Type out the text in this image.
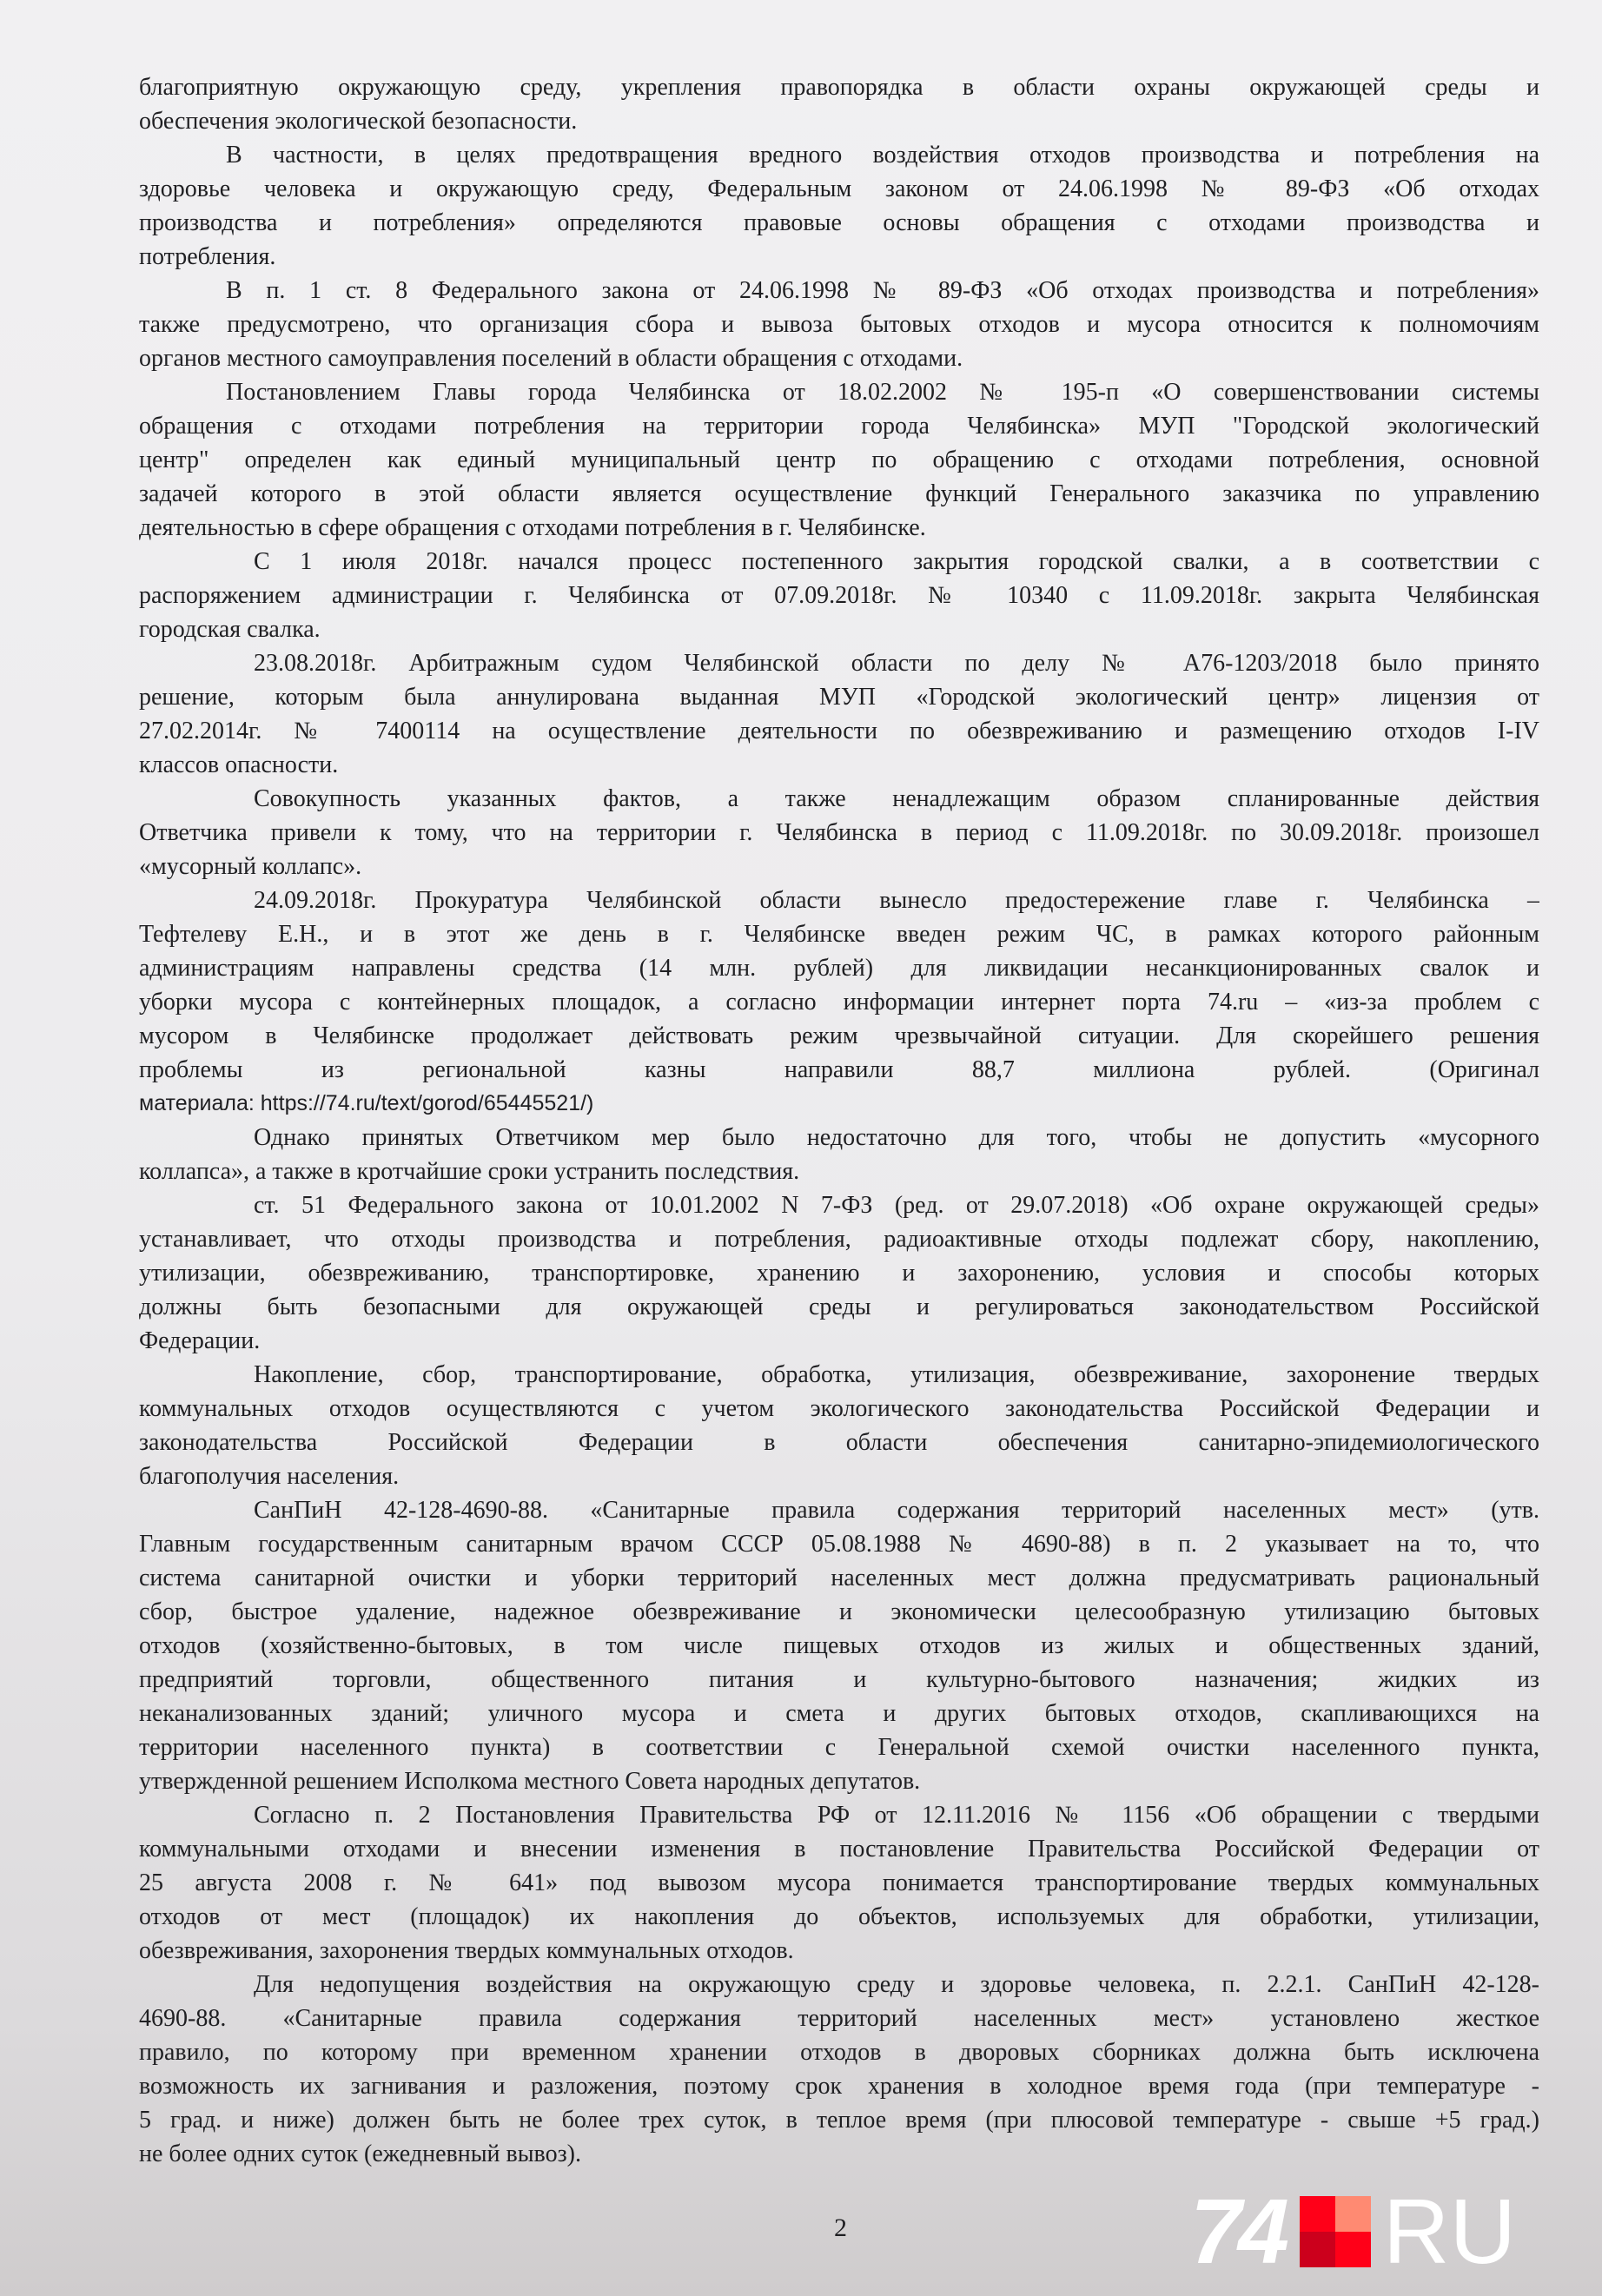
благоприятную окружающую среду, укрепления правопорядка в области охраны окружающей среды и
обеспечения экологической безопасности.
В частности, в целях предотвращения вредного воздействия отходов производства и потребления на
здоровье человека и окружающую среду, Федеральным законом от 24.06.1998 № 89-ФЗ «Об отходах
производства и потребления» определяются правовые основы обращения с отходами производства и
потребления.
В п. 1 ст. 8 Федерального закона от 24.06.1998 № 89-ФЗ «Об отходах производства и потребления»
также предусмотрено, что организация сбора и вывоза бытовых отходов и мусора относится к полномочиям
органов местного самоуправления поселений в области обращения с отходами.
Постановлением Главы города Челябинска от 18.02.2002 № 195-п «О совершенствовании системы
обращения с отходами потребления на территории города Челябинска» МУП "Городской экологический
центр" определен как единый муниципальный центр по обращению с отходами потребления, основной
задачей которого в этой области является осуществление функций Генерального заказчика по управлению
деятельностью в сфере обращения с отходами потребления в г. Челябинске.
С 1 июля 2018г. начался процесс постепенного закрытия городской свалки, а в соответствии с
распоряжением администрации г. Челябинска от 07.09.2018г. № 10340 с 11.09.2018г. закрыта Челябинская
городская свалка.
23.08.2018г. Арбитражным судом Челябинской области по делу № А76-1203/2018 было принято
решение, которым была аннулирована выданная МУП «Городской экологический центр» лицензия от
27.02.2014г. № 7400114 на осуществление деятельности по обезвреживанию и размещению отходов I-IV
классов опасности.
Совокупность указанных фактов, а также ненадлежащим образом спланированные действия
Ответчика привели к тому, что на территории г. Челябинска в период с 11.09.2018г. по 30.09.2018г. произошел
«мусорный коллапс».
24.09.2018г. Прокуратура Челябинской области вынесло предостережение главе г. Челябинска –
Тефтелеву Е.Н., и в этот же день в г. Челябинске введен режим ЧС, в рамках которого районным
администрациям направлены средства (14 млн. рублей) для ликвидации несанкционированных свалок и
уборки мусора с контейнерных площадок, а согласно информации интернет порта 74.ru – «из-за проблем с
мусором в Челябинске продолжает действовать режим чрезвычайной ситуации. Для скорейшего решения
проблемы из региональной казны направили 88,7 миллиона рублей. (Оригинал
материала: https://74.ru/text/gorod/65445521/)
Однако принятых Ответчиком мер было недостаточно для того, чтобы не допустить «мусорного
коллапса», а также в кротчайшие сроки устранить последствия.
ст. 51 Федерального закона от 10.01.2002 N 7-ФЗ (ред. от 29.07.2018) «Об охране окружающей среды»
устанавливает, что отходы производства и потребления, радиоактивные отходы подлежат сбору, накоплению,
утилизации, обезвреживанию, транспортировке, хранению и захоронению, условия и способы которых
должны быть безопасными для окружающей среды и регулироваться законодательством Российской
Федерации.
Накопление, сбор, транспортирование, обработка, утилизация, обезвреживание, захоронение твердых
коммунальных отходов осуществляются с учетом экологического законодательства Российской Федерации и
законодательства Российской Федерации в области обеспечения санитарно-эпидемиологического
благополучия населения.
СанПиН 42-128-4690-88. «Санитарные правила содержания территорий населенных мест» (утв.
Главным государственным санитарным врачом СССР 05.08.1988 № 4690-88) в п. 2 указывает на то, что
система санитарной очистки и уборки территорий населенных мест должна предусматривать рациональный
сбор, быстрое удаление, надежное обезвреживание и экономически целесообразную утилизацию бытовых
отходов (хозяйственно-бытовых, в том числе пищевых отходов из жилых и общественных зданий,
предприятий торговли, общественного питания и культурно-бытового назначения; жидких из
неканализованных зданий; уличного мусора и смета и других бытовых отходов, скапливающихся на
территории населенного пункта) в соответствии с Генеральной схемой очистки населенного пункта,
утвержденной решением Исполкома местного Совета народных депутатов.
Согласно п. 2 Постановления Правительства РФ от 12.11.2016 № 1156 «Об обращении с твердыми
коммунальными отходами и внесении изменения в постановление Правительства Российской Федерации от
25 августа 2008 г. № 641» под вывозом мусора понимается транспортирование твердых коммунальных
отходов от мест (площадок) их накопления до объектов, используемых для обработки, утилизации,
обезвреживания, захоронения твердых коммунальных отходов.
Для недопущения воздействия на окружающую среду и здоровье человека, п. 2.2.1. СанПиН 42-128-
4690-88. «Санитарные правила содержания территорий населенных мест» установлено жесткое
правило, по которому при временном хранении отходов в дворовых сборниках должна быть исключена
возможность их загнивания и разложения, поэтому срок хранения в холодное время года (при температуре -
5 град. и ниже) должен быть не более трех суток, в теплое время (при плюсовой температуре - свыше +5 град.)
не более одних суток (ежедневный вывоз).
2	74 RU
